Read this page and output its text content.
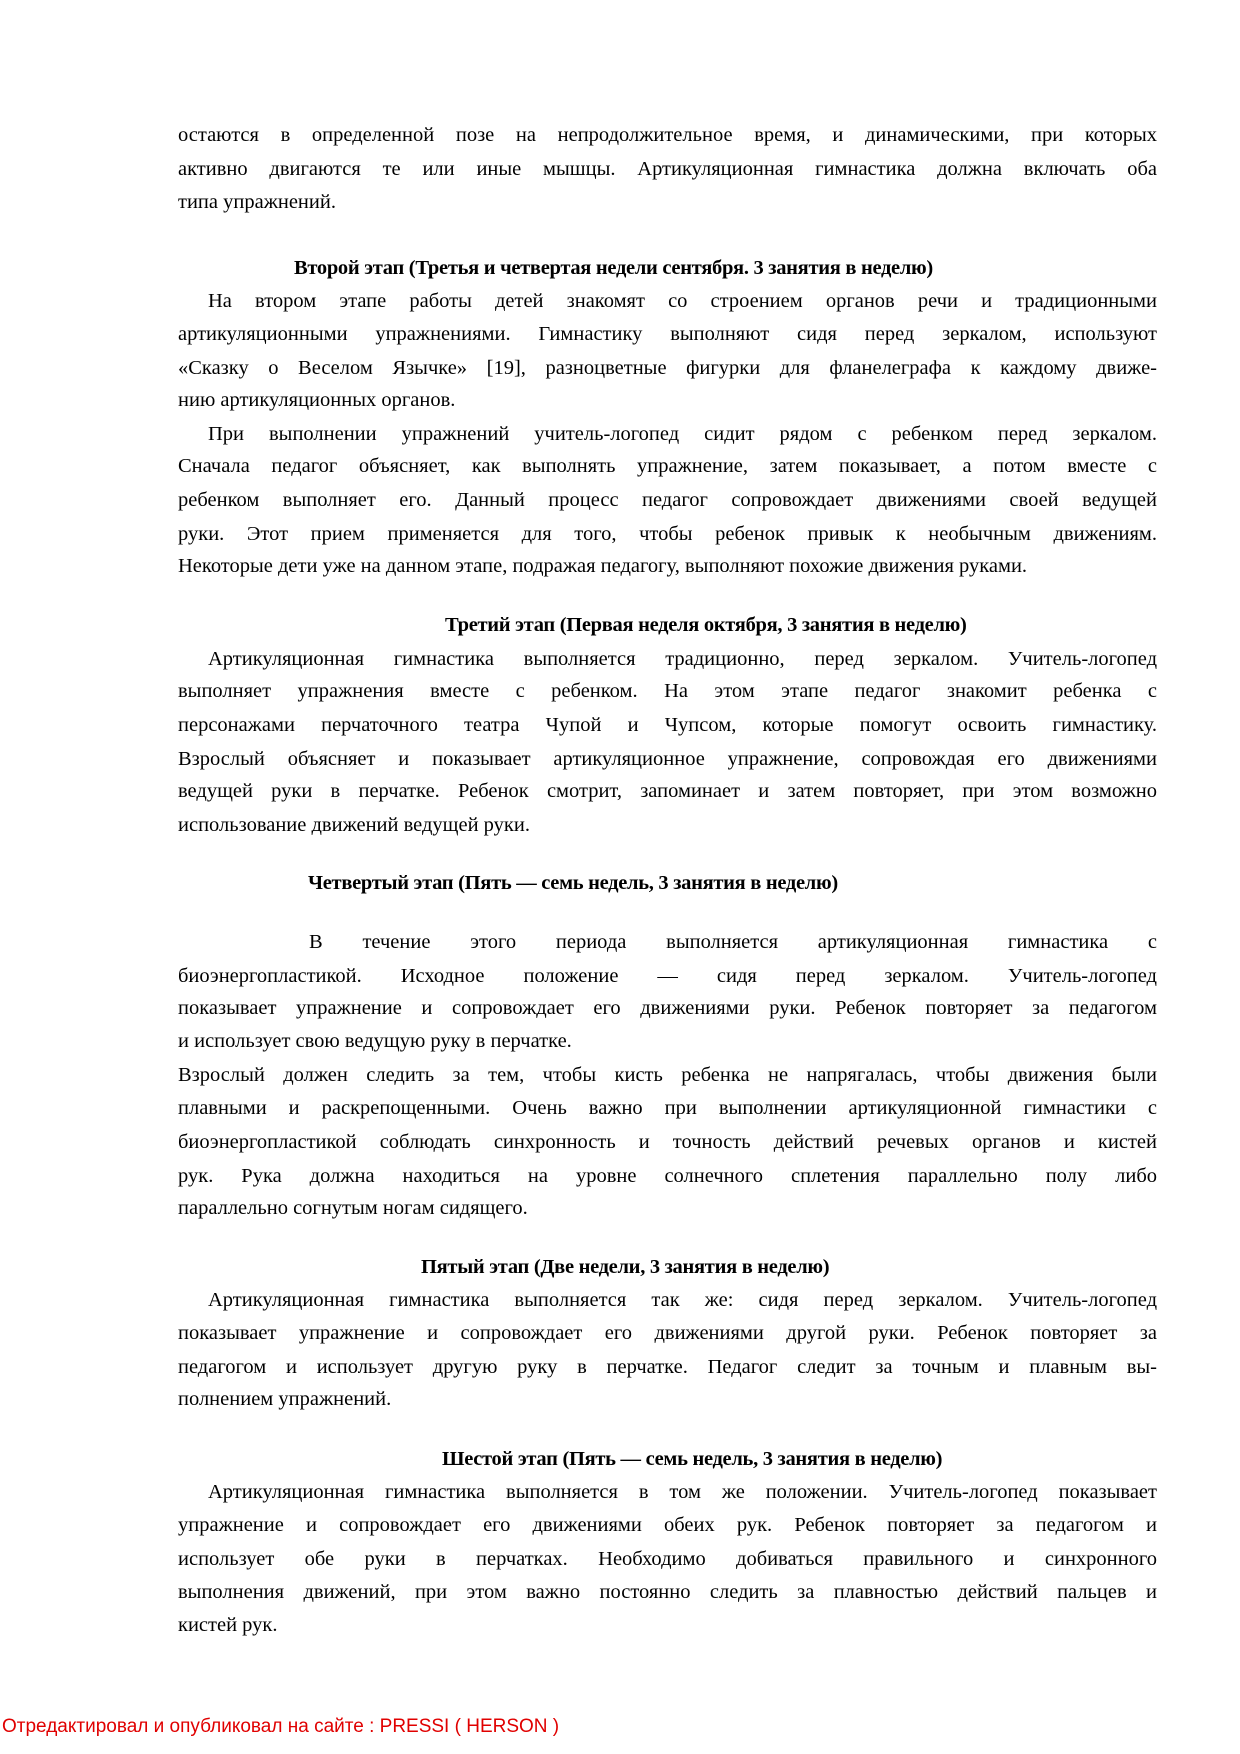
остаются в определенной позе на непродолжительное время, и динамическими, при которых
активно двигаются те или иные мышцы. Артикуляционная гимнастика должна включать оба
типа упражнений.
Второй этап (Третья и четвертая недели сентября. 3 занятия в неделю)
На втором этапе работы детей знакомят со строением органов речи и традиционными
артикуляционными упражнениями. Гимнастику выполняют сидя перед зеркалом, используют
«Сказку о Веселом Язычке» [19], разноцветные фигурки для фланелеграфа к каждому движе-
нию артикуляционных органов.
При выполнении упражнений учитель-логопед сидит рядом с ребенком перед зеркалом.
Сначала педагог объясняет, как выполнять упражнение, затем показывает, а потом вместе с
ребенком выполняет его. Данный процесс педагог сопровождает движениями своей ведущей
руки. Этот прием применяется для того, чтобы ребенок привык к необычным движениям.
Некоторые дети уже на данном этапе, подражая педагогу, выполняют похожие движения руками.
Третий этап (Первая неделя октября, 3 занятия в неделю)
Артикуляционная гимнастика выполняется традиционно, перед зеркалом. Учитель-логопед
выполняет упражнения вместе с ребенком. На этом этапе педагог знакомит ребенка с
персонажами перчаточного театра Чупой и Чупсом, которые помогут освоить гимнастику.
Взрослый объясняет и показывает артикуляционное упражнение, сопровождая его движениями
ведущей руки в перчатке. Ребенок смотрит, запоминает и затем повторяет, при этом возможно
использование движений ведущей руки.
Четвертый этап (Пять — семь недель, 3 занятия в неделю)
В течение этого периода выполняется артикуляционная гимнастика с
биоэнергопластикой. Исходное положение — сидя перед зеркалом. Учитель-логопед
показывает упражнение и сопровождает его движениями руки. Ребенок повторяет за педагогом
и использует свою ведущую руку в перчатке.
Взрослый должен следить за тем, чтобы кисть ребенка не напрягалась, чтобы движения были
плавными и раскрепощенными. Очень важно при выполнении артикуляционной гимнастики с
биоэнергопластикой соблюдать синхронность и точность действий речевых органов и кистей
рук. Рука должна находиться на уровне солнечного сплетения параллельно полу либо
параллельно согнутым ногам сидящего.
Пятый этап (Две недели, 3 занятия в неделю)
Артикуляционная гимнастика выполняется так же: сидя перед зеркалом. Учитель-логопед
показывает упражнение и сопровождает его движениями другой руки. Ребенок повторяет за
педагогом и использует другую руку в перчатке. Педагог следит за точным и плавным вы-
полнением упражнений.
Шестой этап (Пять — семь недель, 3 занятия в неделю)
Артикуляционная гимнастика выполняется в том же положении. Учитель-логопед показывает
упражнение и сопровождает его движениями обеих рук. Ребенок повторяет за педагогом и
использует обе руки в перчатках. Необходимо добиваться правильного и синхронного
выполнения движений, при этом важно постоянно следить за плавностью действий пальцев и
кистей рук.
Отредактировал и опубликовал на сайте : PRESSI ( HERSON )
